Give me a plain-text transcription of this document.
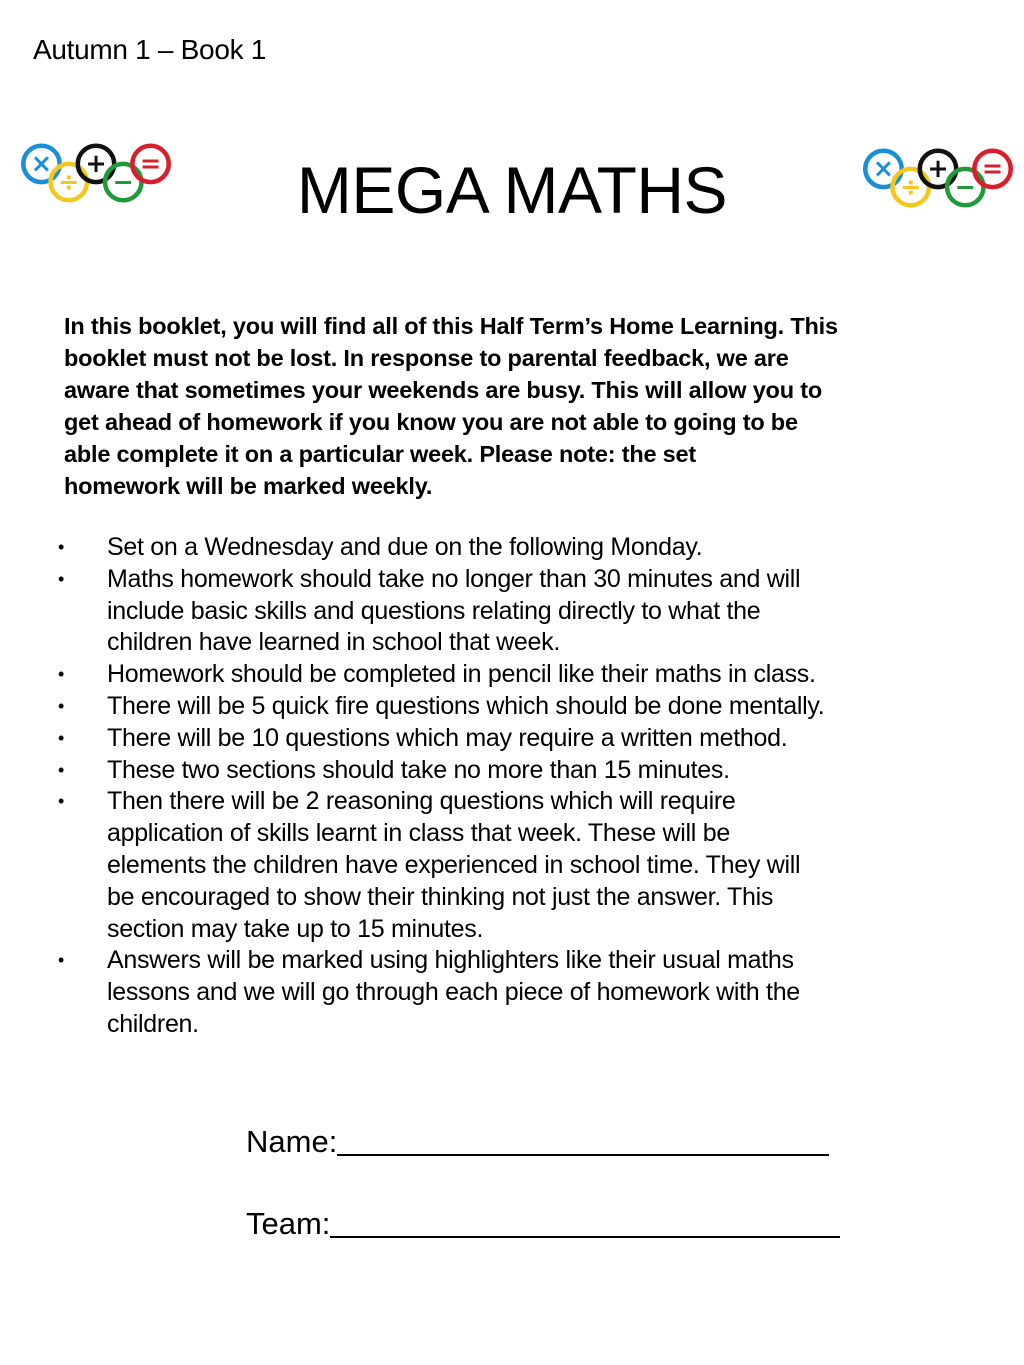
Autumn 1 – Book 1
×
÷
+
−
=	×
÷
+
−
=
MEGA MATHS
In this booklet, you will find all of this Half Term’s Home Learning. This
booklet must not be lost. In response to parental feedback, we are
aware that sometimes your weekends are busy. This will allow you to
get ahead of homework if you know you are not able to going to be
able complete it on a particular week. Please note: the set
homework will be marked weekly.
• Set on a Wednesday and due on the following Monday.
• Maths homework should take no longer than 30 minutes and will
include basic skills and questions relating directly to what the
children have learned in school that week.
• Homework should be completed in pencil like their maths in class.
• There will be 5 quick fire questions which should be done mentally.
• There will be 10 questions which may require a written method.
• These two sections should take no more than 15 minutes.
• Then there will be 2 reasoning questions which will require
application of skills learnt in class that week. These will be
elements the children have experienced in school time. They will
be encouraged to show their thinking not just the answer. This
section may take up to 15 minutes.
• Answers will be marked using highlighters like their usual maths
lessons and we will go through each piece of homework with the
children.
Name:
Team:
